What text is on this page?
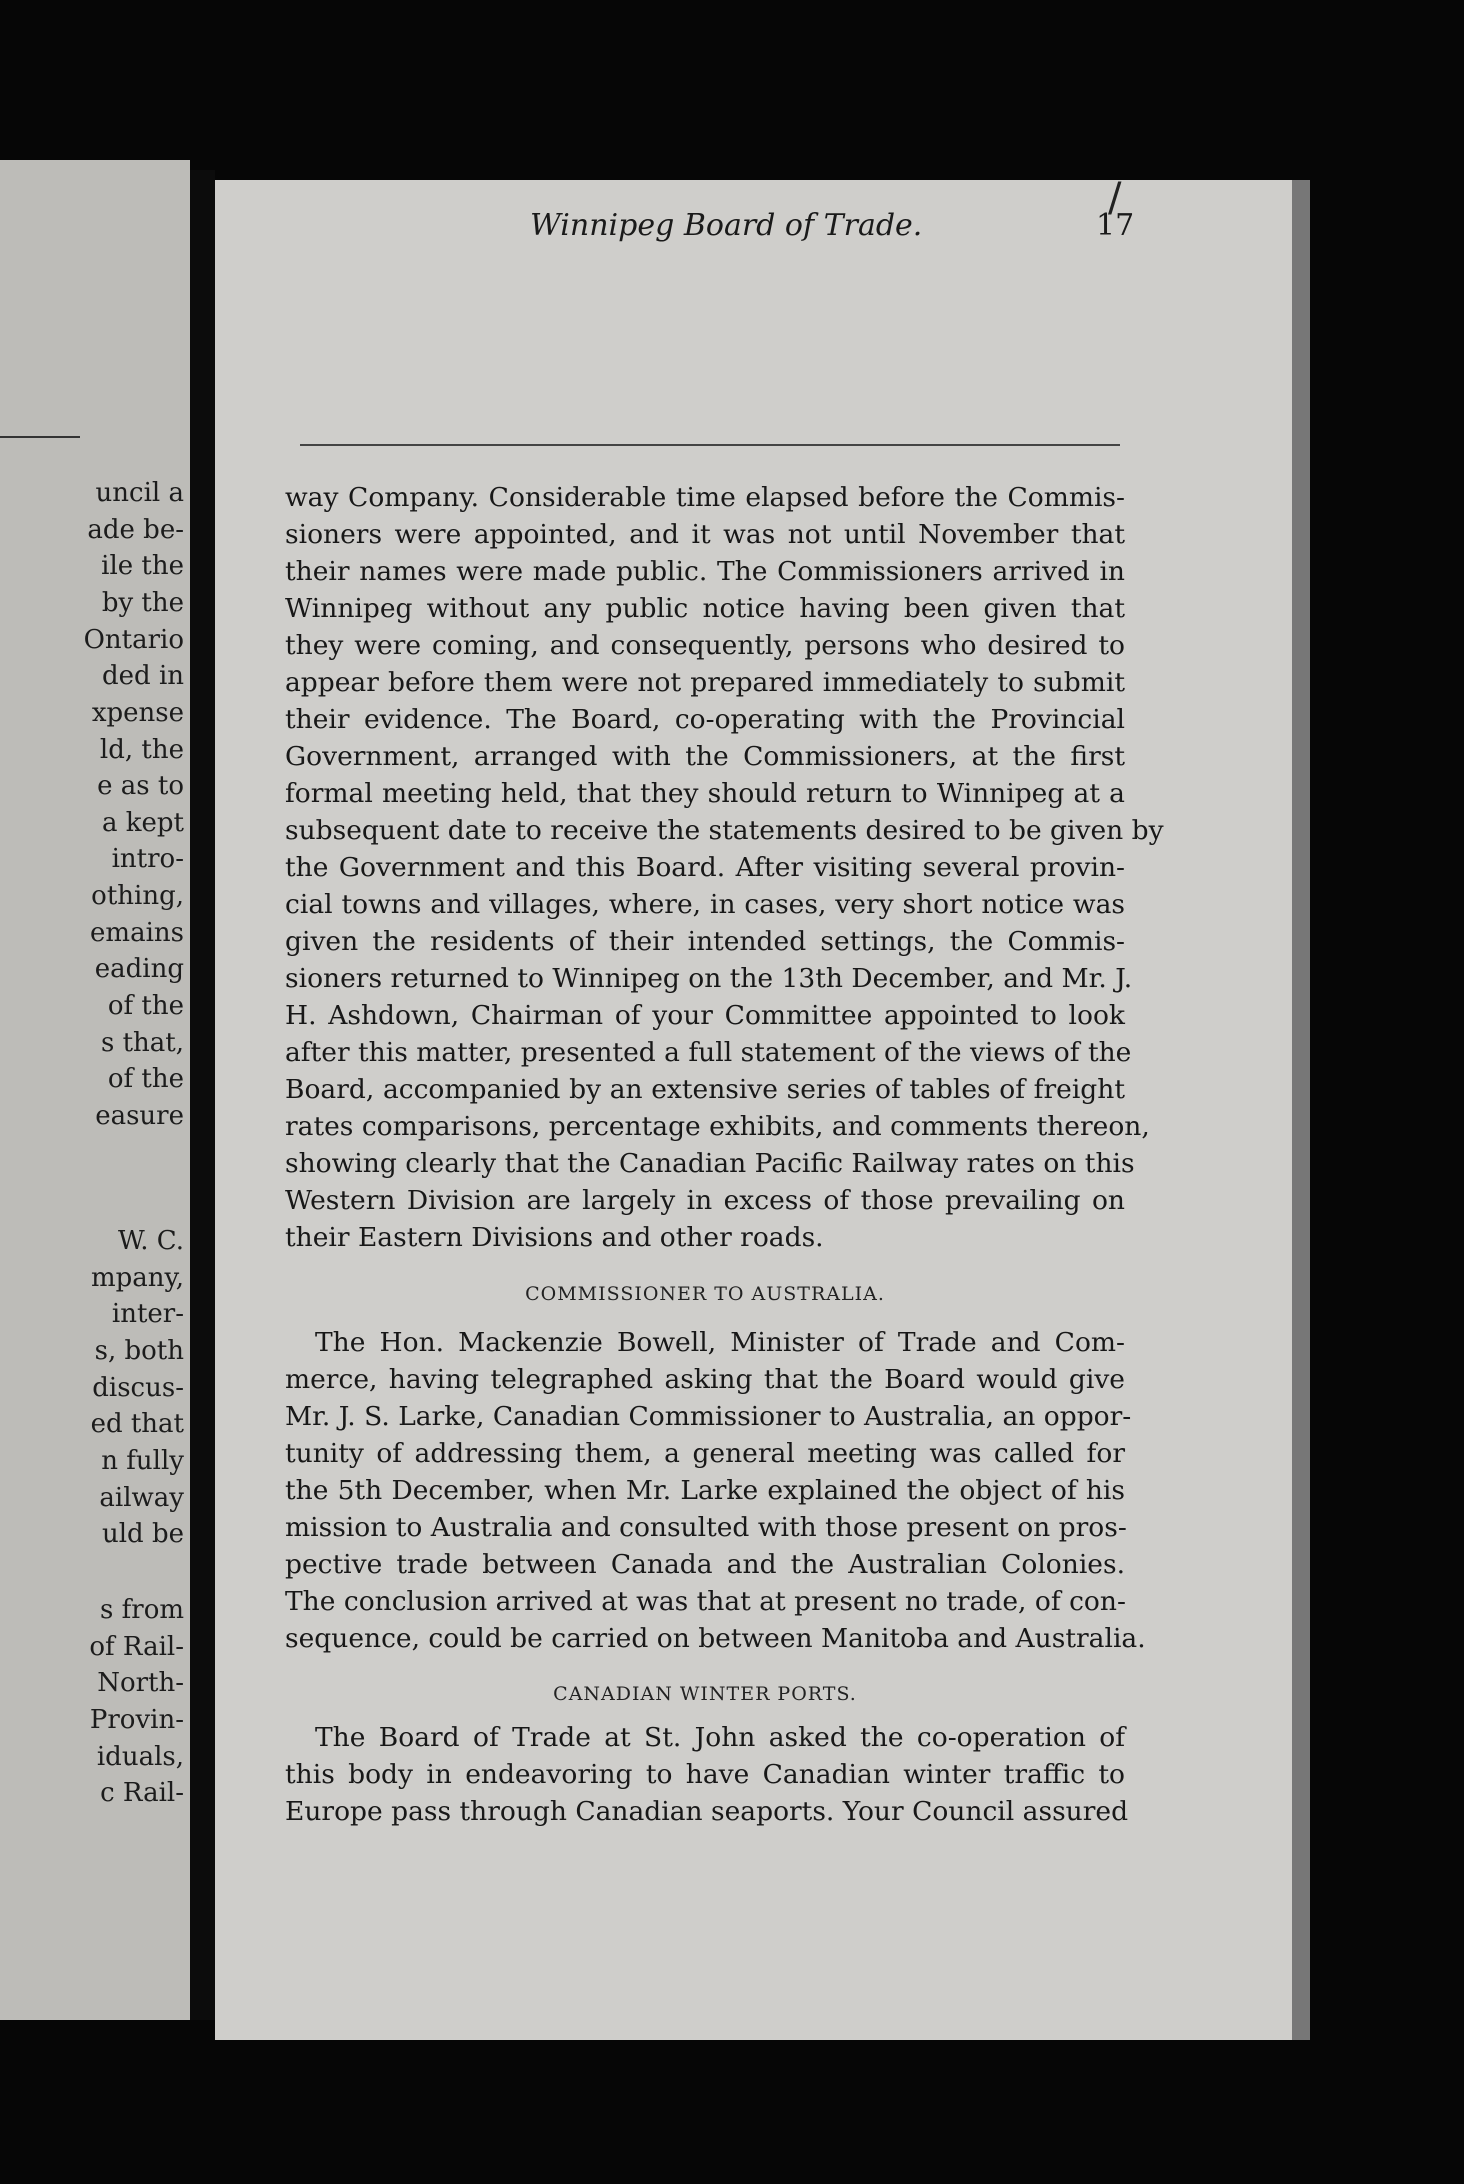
uncil a
ade be-
ile the
by the
Ontario
ded in
xpense
ld, the
e as to
a kept
intro-
othing,
emains
eading
of the
s that,
of the
easure
W. C.
mpany,
inter-
s, both
discus-
ed that
n fully
ailway
uld be
s from
of Rail-
North-
Provin-
iduals,
c Rail-
/
Winnipeg Board of Trade.	17
way Company. Considerable time elapsed before the Commis-
sioners were appointed, and it was not until November that
their names were made public. The Commissioners arrived in
Winnipeg without any public notice having been given that
they were coming, and consequently, persons who desired to
appear before them were not prepared immediately to submit
their evidence. The Board, co-operating with the Provincial
Government, arranged with the Commissioners, at the first
formal meeting held, that they should return to Winnipeg at a
subsequent date to receive the statements desired to be given by
the Government and this Board. After visiting several provin-
cial towns and villages, where, in cases, very short notice was
given the residents of their intended settings, the Commis-
sioners returned to Winnipeg on the 13th December, and Mr. J.
H. Ashdown, Chairman of your Committee appointed to look
after this matter, presented a full statement of the views of the
Board, accompanied by an extensive series of tables of freight
rates comparisons, percentage exhibits, and comments thereon,
showing clearly that the Canadian Pacific Railway rates on this
Western Division are largely in excess of those prevailing on
their Eastern Divisions and other roads.
COMMISSIONER TO AUSTRALIA.
The Hon. Mackenzie Bowell, Minister of Trade and Com-
merce, having telegraphed asking that the Board would give
Mr. J. S. Larke, Canadian Commissioner to Australia, an oppor-
tunity of addressing them, a general meeting was called for
the 5th December, when Mr. Larke explained the object of his
mission to Australia and consulted with those present on pros-
pective trade between Canada and the Australian Colonies.
The conclusion arrived at was that at present no trade, of con-
sequence, could be carried on between Manitoba and Australia.
CANADIAN WINTER PORTS.
The Board of Trade at St. John asked the co-operation of
this body in endeavoring to have Canadian winter traffic to
Europe pass through Canadian seaports. Your Council assured
